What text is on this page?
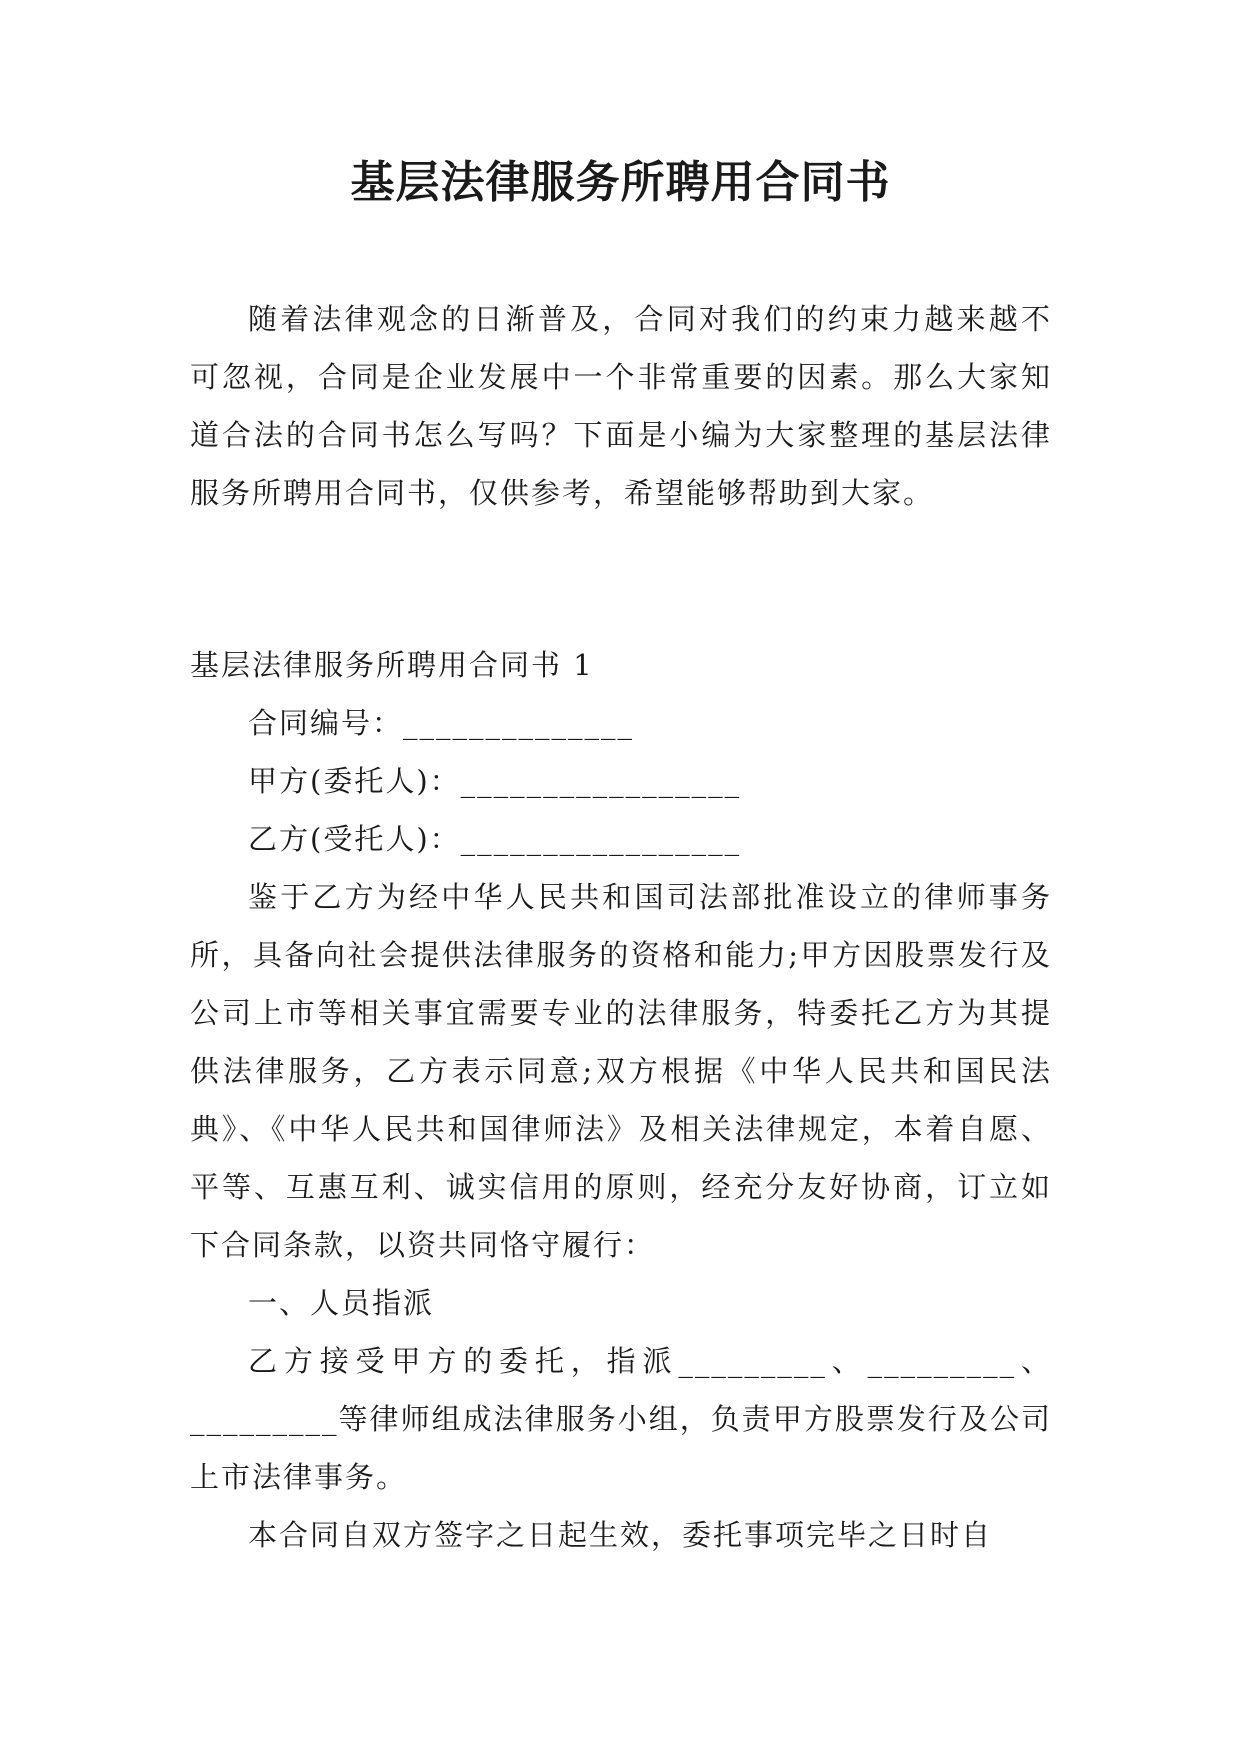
基层法律服务所聘用合同书

随着法律观念的日渐普及，合同对我们的约束力越来越不可忽视，合同是企业发展中一个非常重要的因素。那么大家知道合法的合同书怎么写吗？下面是小编为大家整理的基层法律服务所聘用合同书，仅供参考，希望能够帮助到大家。

基层法律服务所聘用合同书 1

合同编号：______________

甲方(委托人)：_________________

乙方(受托人)：_________________

鉴于乙方为经中华人民共和国司法部批准设立的律师事务所，具备向社会提供法律服务的资格和能力;甲方因股票发行及公司上市等相关事宜需要专业的法律服务，特委托乙方为其提供法律服务，乙方表示同意;双方根据《中华人民共和国民法典》、《中华人民共和国律师法》及相关法律规定，本着自愿、平等、互惠互利、诚实信用的原则，经充分友好协商，订立如下合同条款，以资共同恪守履行：

一、人员指派

乙方接受甲方的委托，指派_________、_________、_________等律师组成法律服务小组，负责甲方股票发行及公司上市法律事务。

本合同自双方签字之日起生效，委托事项完毕之日时自
